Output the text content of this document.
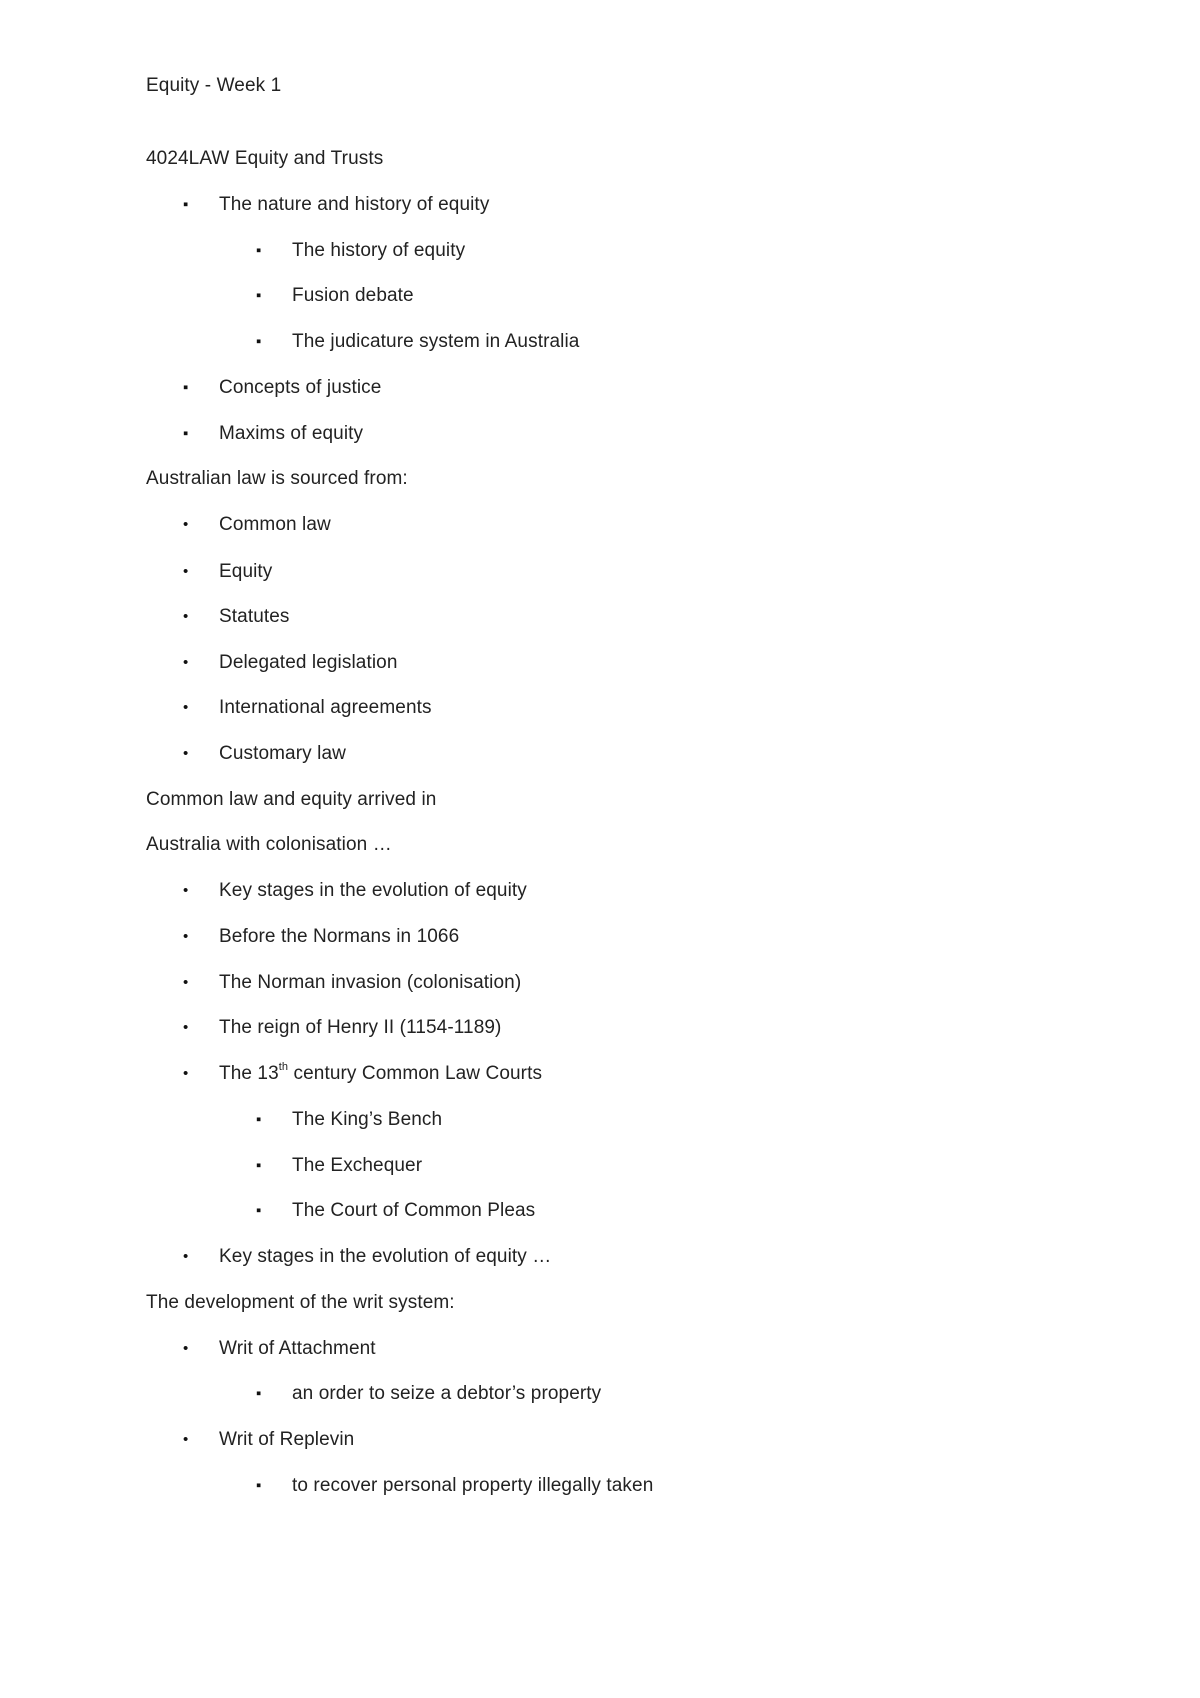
Equity - Week 1
4024LAW Equity and Trusts
▪ The nature and history of equity
▪ The history of equity
▪ Fusion debate
▪ The judicature system in Australia
▪ Concepts of justice
▪ Maxims of equity
Australian law is sourced from:
• Common law
• Equity
• Statutes
• Delegated legislation
• International agreements
• Customary law
Common law and equity arrived in
Australia with colonisation …
• Key stages in the evolution of equity
• Before the Normans in 1066
• The Norman invasion (colonisation)
• The reign of Henry II (1154-1189)
• The 13th century Common Law Courts
▪ The King’s Bench
▪ The Exchequer
▪ The Court of Common Pleas
• Key stages in the evolution of equity …
The development of the writ system:
• Writ of Attachment
▪ an order to seize a debtor’s property
• Writ of Replevin
▪ to recover personal property illegally taken
